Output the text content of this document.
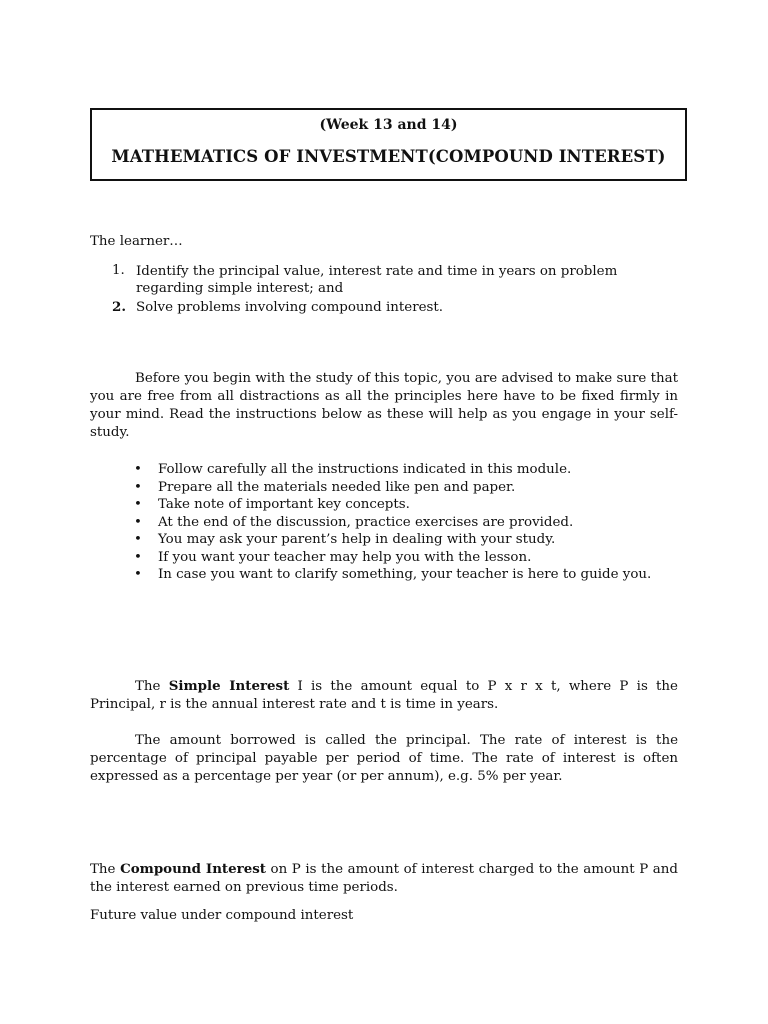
(Week 13 and 14)
MATHEMATICS OF INVESTMENT(COMPOUND INTEREST)
The learner…
1. Identify the principal value, interest rate and time in years on problem regarding simple interest; and
2. Solve problems involving compound interest.
Before you begin with the study of this topic, you are advised to make sure that you are free from all distractions as all the principles here have to be fixed firmly in your mind. Read the instructions below as these will help as you engage in your self-study.
• Follow carefully all the instructions indicated in this module.
• Prepare all the materials needed like pen and paper.
• Take note of important key concepts.
• At the end of the discussion, practice exercises are provided.
• You may ask your parent’s help in dealing with your study.
• If you want your teacher may help you with the lesson.
• In case you want to clarify something, your teacher is here to guide you.
The Simple Interest I is the amount equal to P x r x t, where P is the Principal, r is the annual interest rate and t is time in years.
The amount borrowed is called the principal. The rate of interest is the percentage of principal payable per period of time. The rate of interest is often expressed as a percentage per year (or per annum), e.g. 5% per year.
The Compound Interest on P is the amount of interest charged to the amount P and the interest earned on previous time periods.
Future value under compound interest
